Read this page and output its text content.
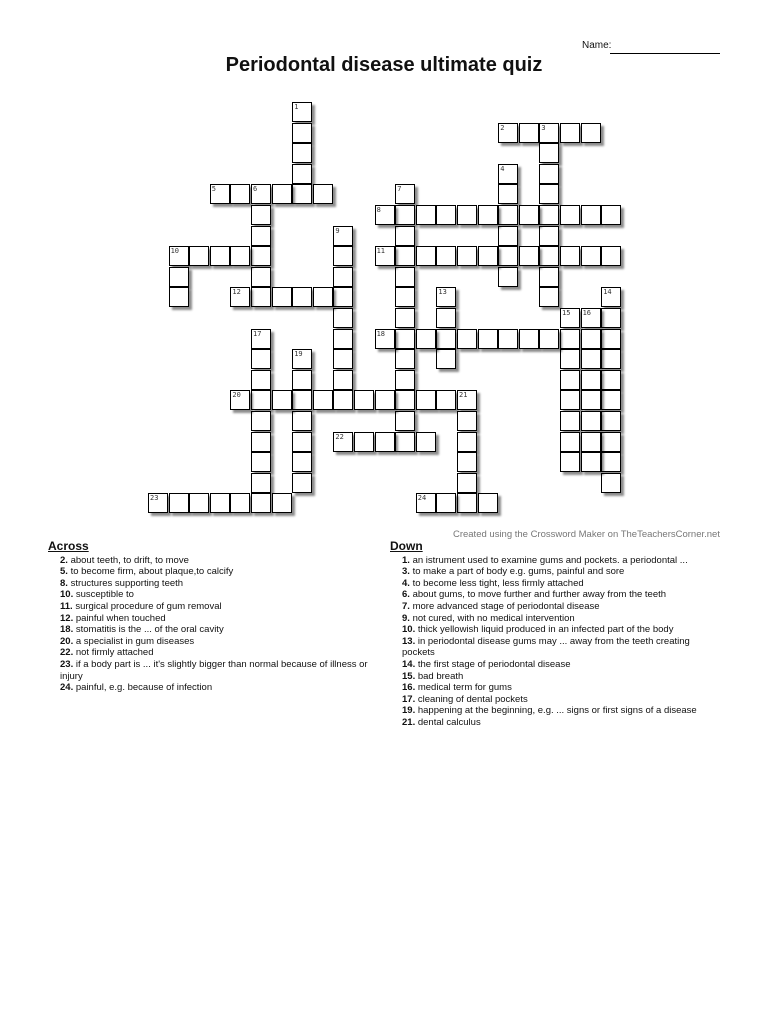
Name:
Periodontal disease ultimate quiz
1
2	3
4
5	6	7
8
9
10	11
12	13	14
15 16
17	18
19
20	21
22
23	24
Created using the Crossword Maker on TheTeachersCorner.net
Across
2. about teeth, to drift, to move
5. to become firm, about plaque,to calcify
8. structures supporting teeth
10. susceptible to
11. surgical procedure of gum removal
12. painful when touched
18. stomatitis is the ... of the oral cavity
20. a specialist in gum diseases
22. not firmly attached
23. if a body part is ... it's slightly bigger than normal because of illness or injury
24. painful, e.g. because of infection
Down
1. an istrument used to examine gums and pockets. a periodontal ...
3. to make a part of body e.g. gums, painful and sore
4. to become less tight, less firmly attached
6. about gums, to move further and further away from the teeth
7. more advanced stage of periodontal disease
9. not cured, with no medical intervention
10. thick yellowish liquid produced in an infected part of the body
13. in periodontal disease gums may ... away from the teeth creating pockets
14. the first stage of periodontal disease
15. bad breath
16. medical term for gums
17. cleaning of dental pockets
19. happening at the beginning, e.g. ... signs or first signs of a disease
21. dental calculus
